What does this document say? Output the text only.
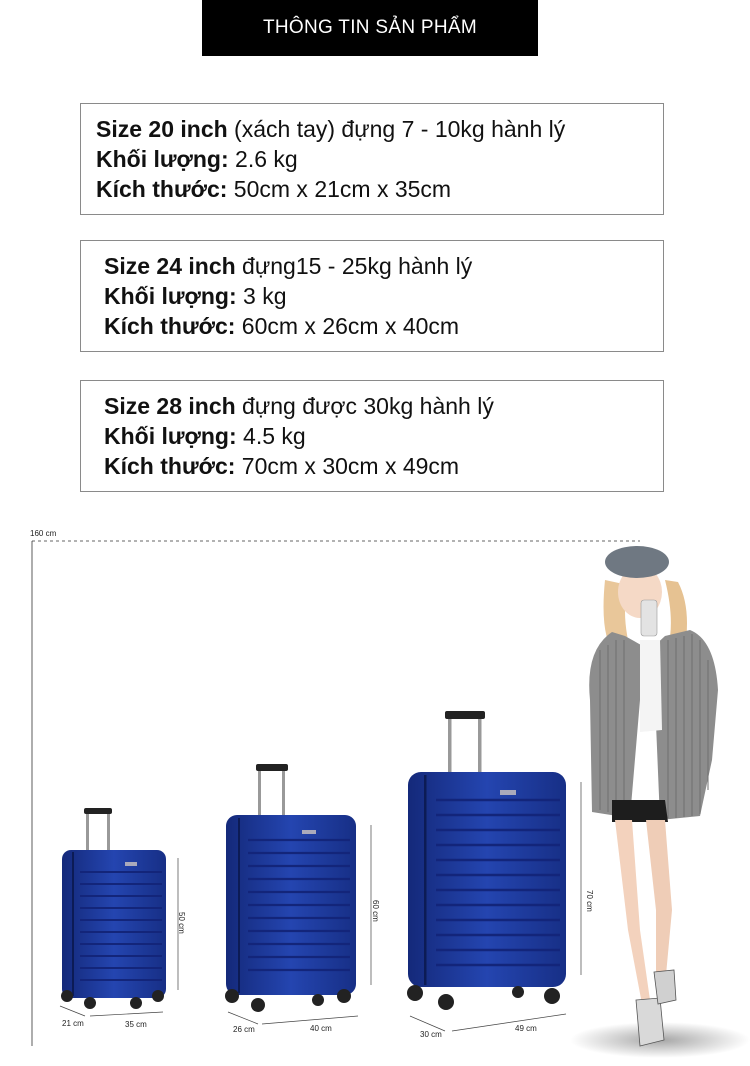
THÔNG TIN SẢN PHẨM
Size 20 inch (xách tay) đựng 7 - 10kg hành lý
Khối lượng: 2.6 kg
Kích thước: 50cm x 21cm x 35cm
Size 24 inch đựng15 - 25kg hành lý
Khối lượng: 3 kg
Kích thước: 60cm x 26cm x 40cm
Size 28 inch đựng được 30kg hành lý
Khối lượng: 4.5 kg
Kích thước: 70cm x 30cm x 49cm
160 cm
50 cm
21 cm	35 cm
60 cm
26 cm	40 cm
70 cm
30 cm
49 cm
